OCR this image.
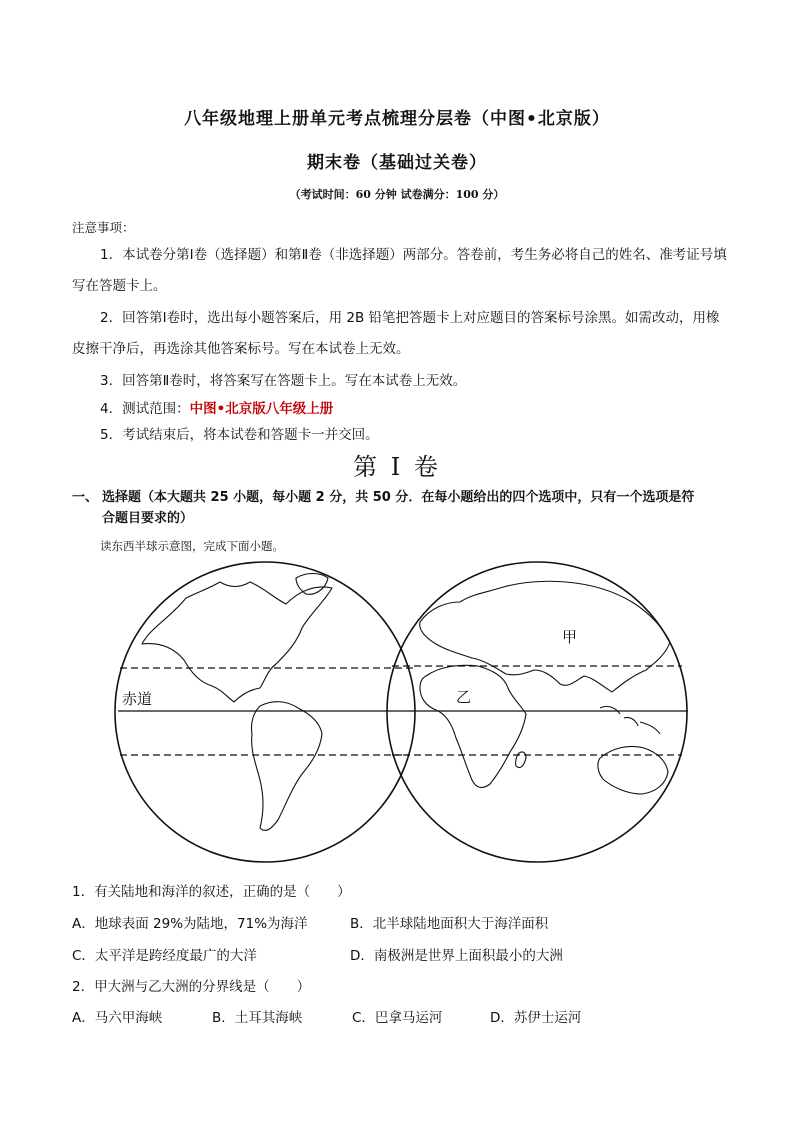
八年级地理上册单元考点梳理分层卷（中图•北京版）
期末卷（基础过关卷）
（考试时间：60 分钟 试卷满分：100 分）
注意事项：
1．本试卷分第Ⅰ卷（选择题）和第Ⅱ卷（非选择题）两部分。答卷前，考生务必将自己的姓名、准考证号填写在答题卡上。
2．回答第Ⅰ卷时，选出每小题答案后，用 2B 铅笔把答题卡上对应题目的答案标号涂黑。如需改动，用橡皮擦干净后，再选涂其他答案标号。写在本试卷上无效。
3．回答第Ⅱ卷时，将答案写在答题卡上。写在本试卷上无效。
4．测试范围：中图•北京版八年级上册
5．考试结束后，将本试卷和答题卡一并交回。
第 I 卷
一、 选择题（本大题共 25 小题，每小题 2 分，共 50 分．在每小题给出的四个选项中，只有一个选项是符
合题目要求的）
读东西半球示意图，完成下面小题。
赤道
甲
乙
1．有关陆地和海洋的叙述，正确的是（　　）
A．地球表面 29%为陆地，71%为海洋	B．北半球陆地面积大于海洋面积
C．太平洋是跨经度最广的大洋	D．南极洲是世界上面积最小的大洲
2．甲大洲与乙大洲的分界线是（　　）
A．马六甲海峡	B．土耳其海峡	C．巴拿马运河	D．苏伊士运河
